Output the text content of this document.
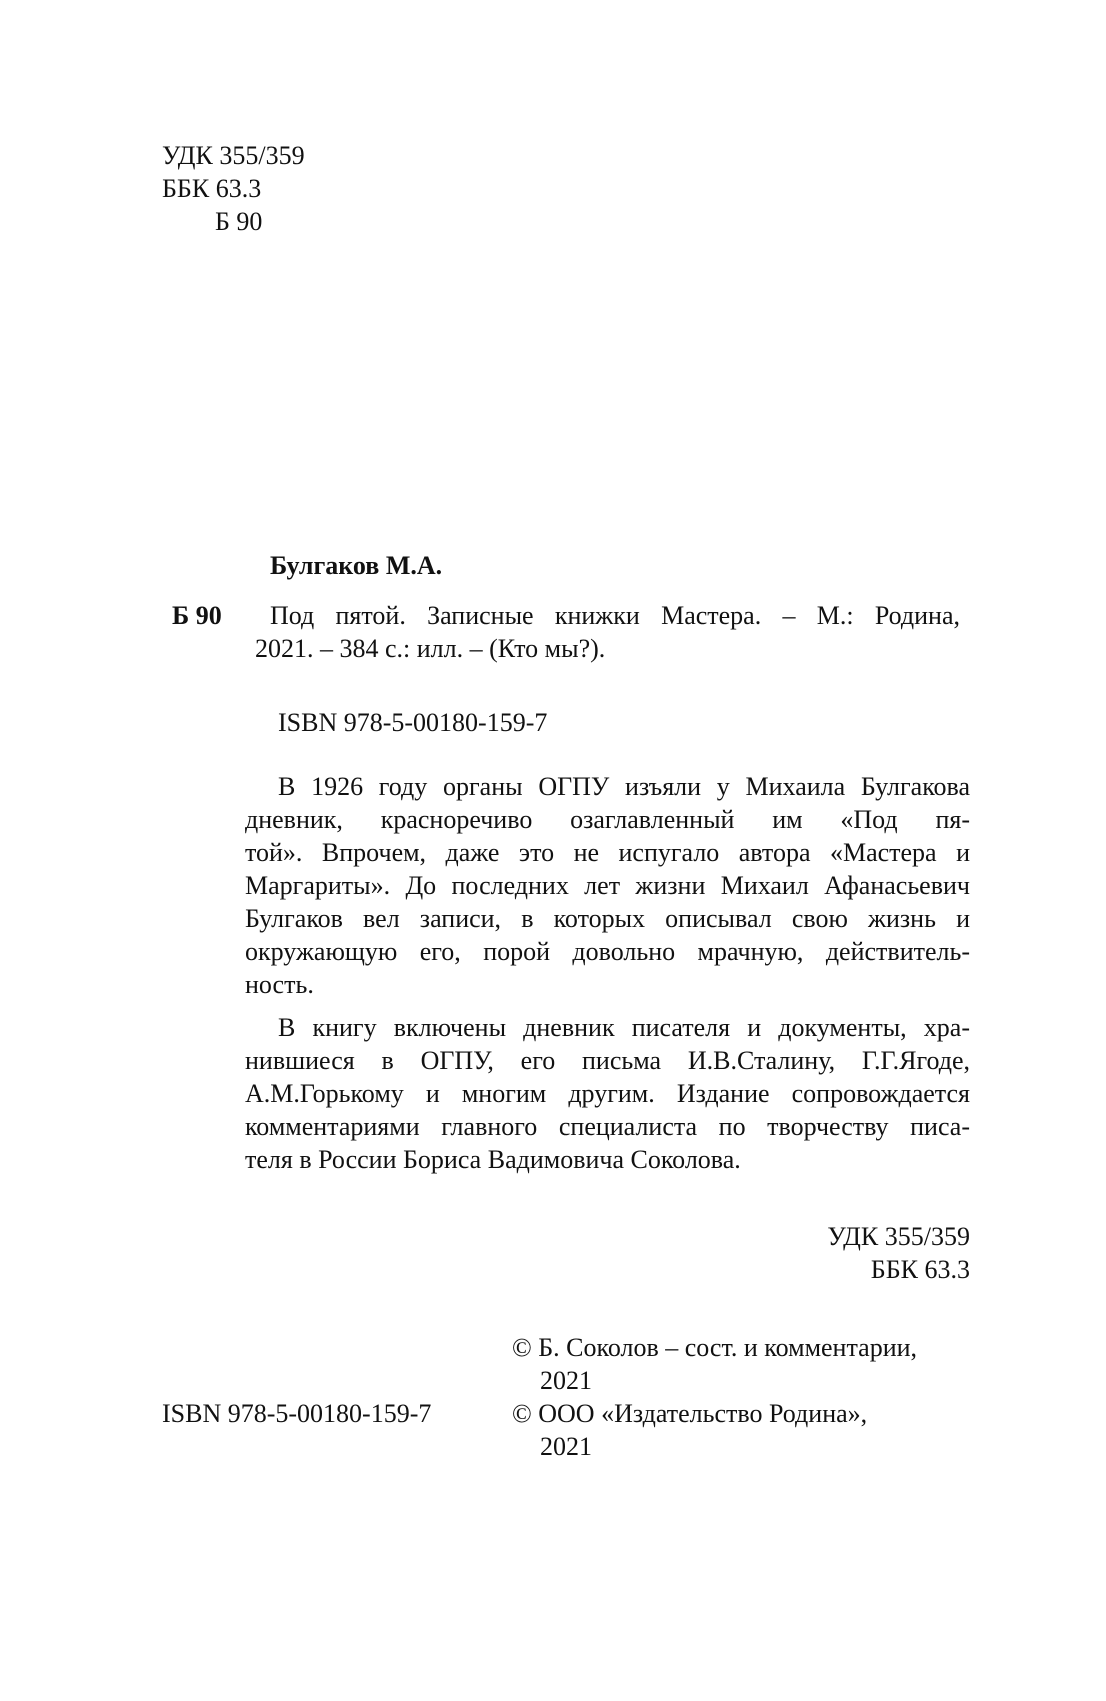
УДК 355/359
ББК 63.3
Б 90
Булгаков М.А.
Б 90 Под пятой. Записные книжки Мастера. – М.: Родина,
2021. – 384 с.: илл. – (Кто мы?).
ISBN 978-5-00180-159-7
В 1926 году органы ОГПУ изъяли у Михаила Булгакова
дневник, красноречиво озаглавленный им «Под пя-
той». Впрочем, даже это не испугало автора «Мастера и
Маргариты». До последних лет жизни Михаил Афанасьевич
Булгаков вел записи, в которых описывал свою жизнь и
окружающую его, порой довольно мрачную, действитель-
ность.
В книгу включены дневник писателя и документы, хра-
нившиеся в ОГПУ, его письма И.В.Сталину, Г.Г.Ягоде,
А.М.Горькому и многим другим. Издание сопровождается
комментариями главного специалиста по творчеству писа-
теля в России Бориса Вадимовича Соколова.
УДК 355/359
ББК 63.3
ISBN 978-5-00180-159-7
© Б. Соколов – сост. и комментарии,
2021
© ООО «Издательство Родина»,
2021
